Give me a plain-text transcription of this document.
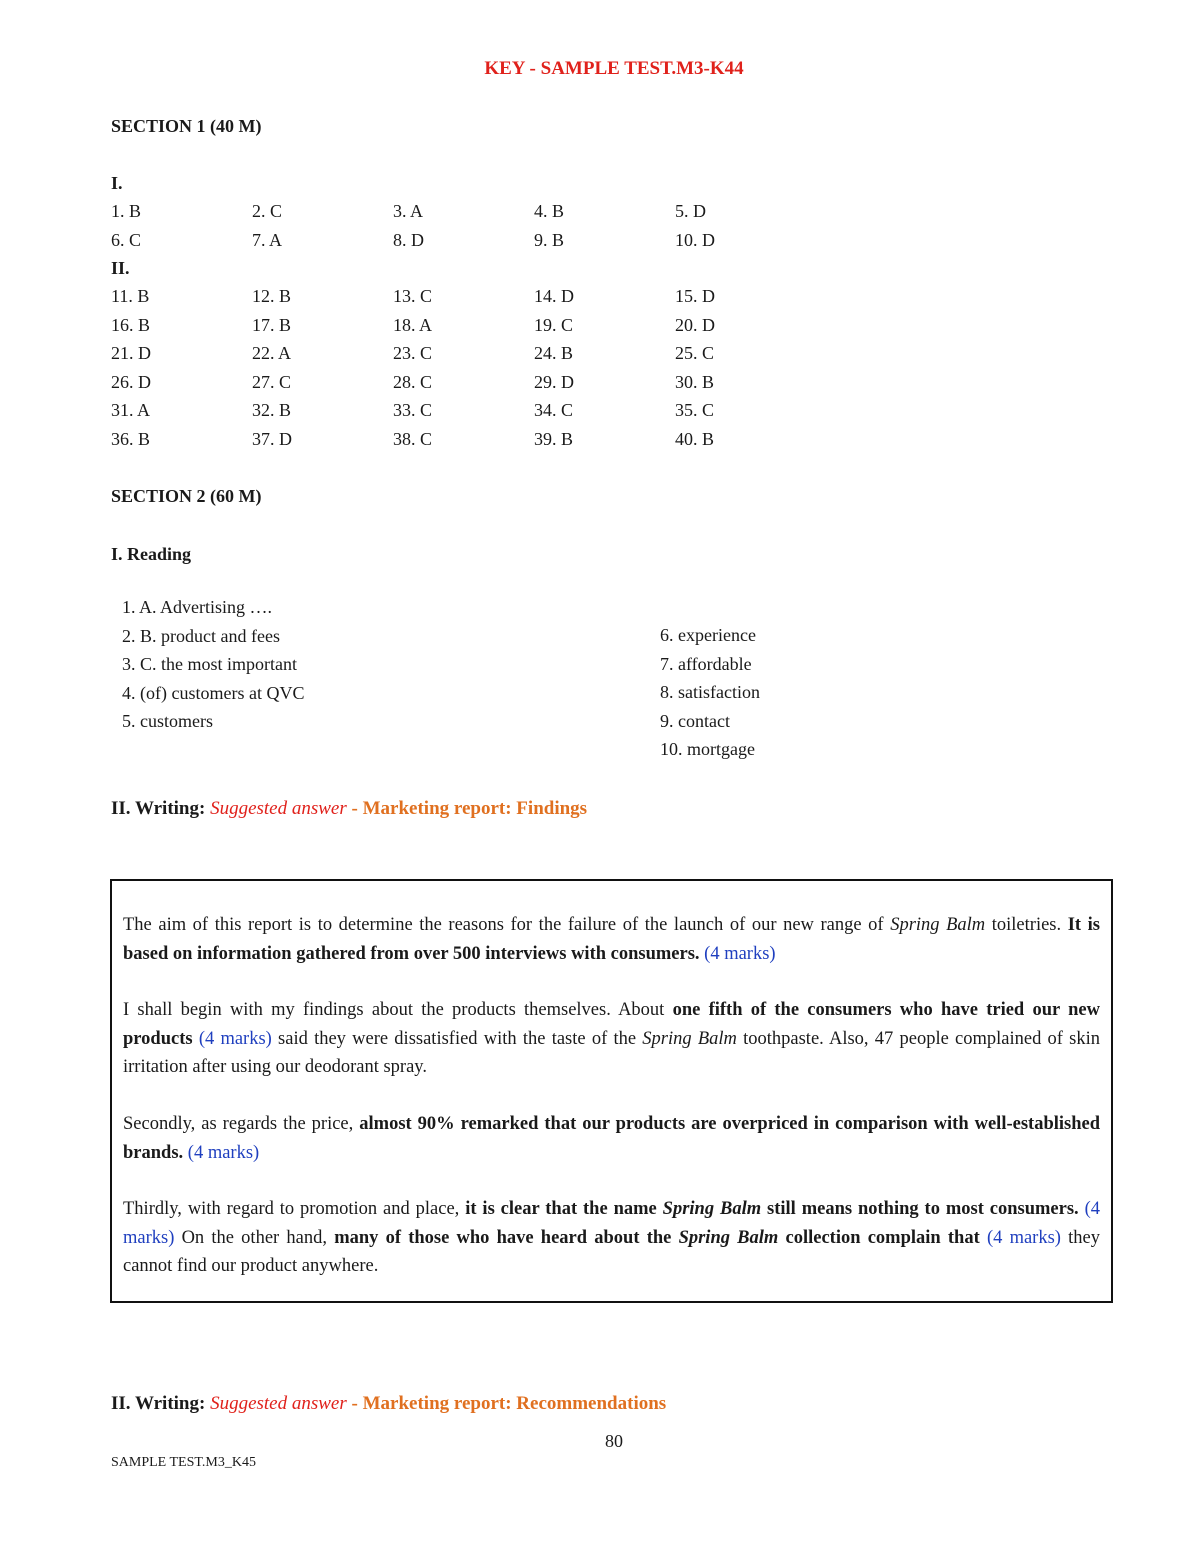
KEY - SAMPLE TEST.M3-K44
SECTION 1 (40 M)
I.
1. B	2. C	3. A	4. B	5. D
6. C	7. A	8. D	9. B	10. D
II.
11. B	12. B	13. C	14. D	15. D
16. B	17. B	18. A	19. C	20. D
21. D	22. A	23. C	24. B	25. C
26. D	27. C	28. C	29. D	30. B
31. A	32. B	33. C	34. C	35. C
36. B	37. D	38. C	39. B	40. B
SECTION 2 (60 M)
I. Reading
1. A. Advertising ….
2. B. product and fees
3. C. the most important
4. (of) customers at QVC
5. customers
6. experience
7. affordable
8. satisfaction
9. contact
10. mortgage
II. Writing: Suggested answer - Marketing report: Findings

The aim of this report is to determine the reasons for the failure of the launch of our new range of Spring Balm toiletries. It is based on information gathered from over 500 interviews with consumers. (4 marks)

I shall begin with my findings about the products themselves. About one fifth of the consumers who have tried our new products (4 marks) said they were dissatisfied with the taste of the Spring Balm toothpaste. Also, 47 people complained of skin irritation after using our deodorant spray.

Secondly, as regards the price, almost 90% remarked that our products are overpriced in comparison with well-established brands. (4 marks)

Thirdly, with regard to promotion and place, it is clear that the name Spring Balm still means nothing to most consumers. (4 marks) On the other hand, many of those who have heard about the Spring Balm collection complain that (4 marks) they cannot find our product anywhere.

II. Writing: Suggested answer - Marketing report: Recommendations
80
SAMPLE TEST.M3_K45
